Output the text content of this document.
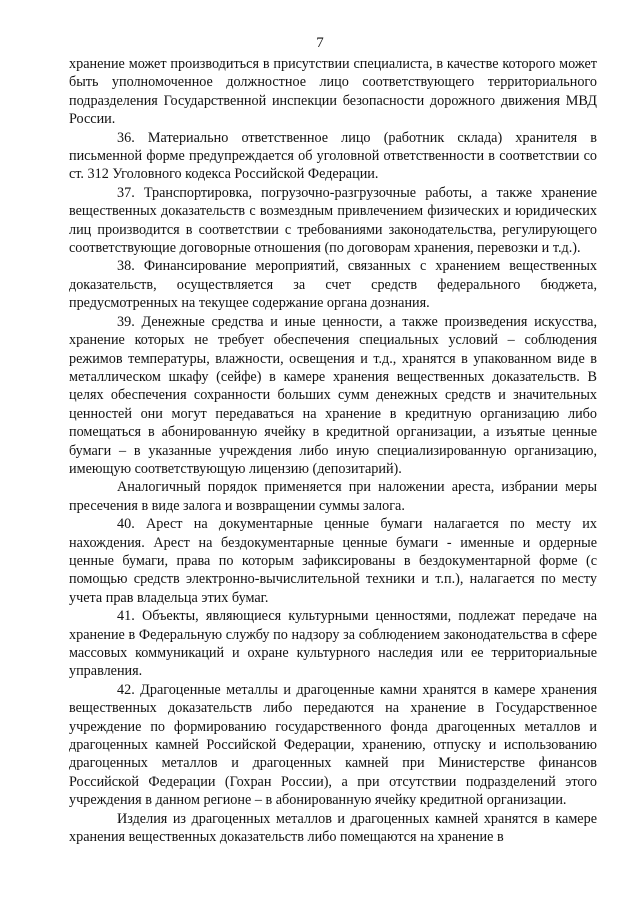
7

хранение может производиться в присутствии специалиста, в качестве которого может быть уполномоченное должностное лицо соответствующего территориального подразделения Государственной инспекции безопасности дорожного движения МВД России.

36. Материально ответственное лицо (работник склада) хранителя в письменной форме предупреждается об уголовной ответственности в соответствии со ст. 312 Уголовного кодекса Российской Федерации.

37. Транспортировка, погрузочно-разгрузочные работы, а также хранение вещественных доказательств с возмездным привлечением физических и юридических лиц производится в соответствии с требованиями законодательства, регулирующего соответствующие договорные отношения (по договорам хранения, перевозки и т.д.).

38. Финансирование мероприятий, связанных с хранением вещественных доказательств, осуществляется за счет средств федерального бюджета, предусмотренных на текущее содержание органа дознания.

39. Денежные средства и иные ценности, а также произведения искусства, хранение которых не требует обеспечения специальных условий – соблюдения режимов температуры, влажности, освещения и т.д., хранятся в упакованном виде в металлическом шкафу (сейфе) в камере хранения вещественных доказательств. В целях обеспечения сохранности больших сумм денежных средств и значительных ценностей они могут передаваться на хранение в кредитную организацию либо помещаться в абонированную ячейку в кредитной организации, а изъятые ценные бумаги – в указанные учреждения либо иную специализированную организацию, имеющую соответствующую лицензию (депозитарий).

Аналогичный порядок применяется при наложении ареста, избрании меры пресечения в виде залога и возвращении суммы залога.

40. Арест на документарные ценные бумаги налагается по месту их нахождения. Арест на бездокументарные ценные бумаги - именные и ордерные ценные бумаги, права по которым зафиксированы в бездокументарной форме (с помощью средств электронно-вычислительной техники и т.п.), налагается по месту учета прав владельца этих бумаг.

41. Объекты, являющиеся культурными ценностями, подлежат передаче на хранение в Федеральную службу по надзору за соблюдением законодательства в сфере массовых коммуникаций и охране культурного наследия или ее территориальные управления.

42. Драгоценные металлы и драгоценные камни хранятся в камере хранения вещественных доказательств либо передаются на хранение в Государственное учреждение по формированию государственного фонда драгоценных металлов и драгоценных камней Российской Федерации, хранению, отпуску и использованию драгоценных металлов и драгоценных камней при Министерстве финансов Российской Федерации (Гохран России), а при отсутствии подразделений этого учреждения в данном регионе – в абонированную ячейку кредитной организации.

Изделия из драгоценных металлов и драгоценных камней хранятся в камере хранения вещественных доказательств либо помещаются на хранение в
